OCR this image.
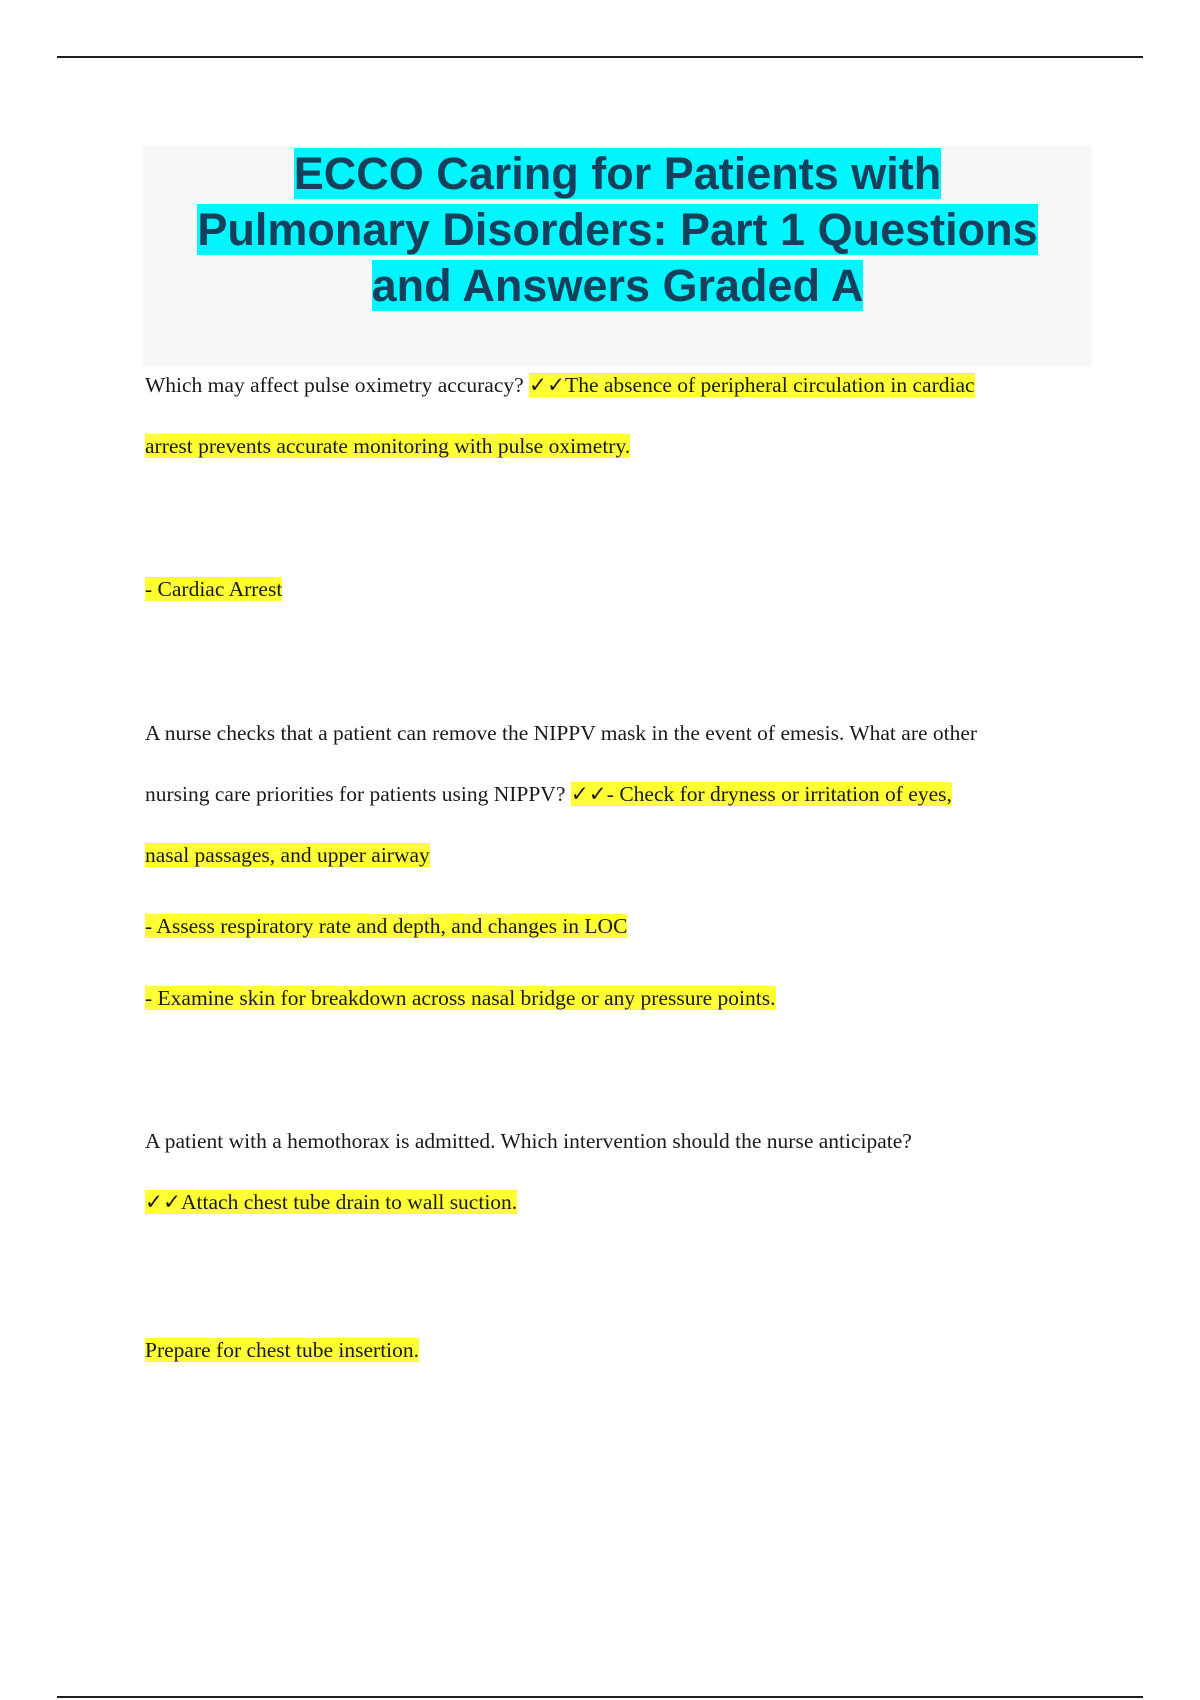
ECCO Caring for Patients with
Pulmonary Disorders: Part 1 Questions
and Answers Graded A
Which may affect pulse oximetry accuracy? ✓✓The absence of peripheral circulation in cardiac
arrest prevents accurate monitoring with pulse oximetry.
- Cardiac Arrest
A nurse checks that a patient can remove the NIPPV mask in the event of emesis. What are other
nursing care priorities for patients using NIPPV? ✓✓- Check for dryness or irritation of eyes,
nasal passages, and upper airway
- Assess respiratory rate and depth, and changes in LOC
- Examine skin for breakdown across nasal bridge or any pressure points.
A patient with a hemothorax is admitted. Which intervention should the nurse anticipate?
✓✓Attach chest tube drain to wall suction.
Prepare for chest tube insertion.
